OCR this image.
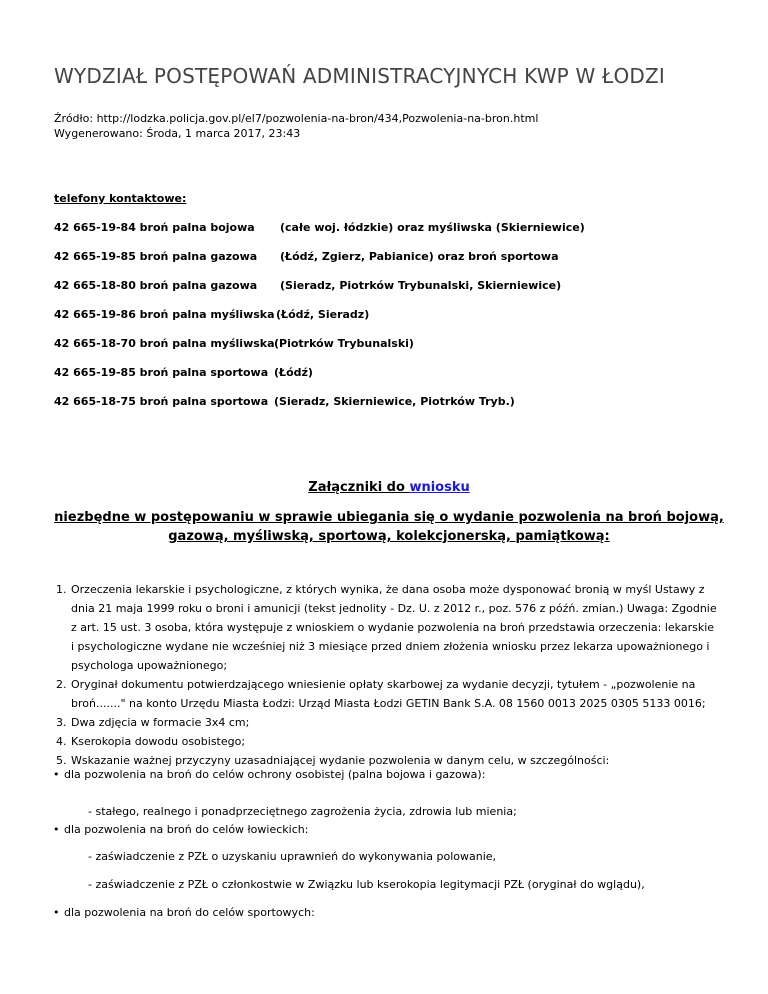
WYDZIAŁ POSTĘPOWAŃ ADMINISTRACYJNYCH KWP W ŁODZI
Źródło: http://lodzka.policja.gov.pl/el7/pozwolenia-na-bron/434,Pozwolenia-na-bron.html
Wygenerowano: Środa, 1 marca 2017, 23:43
telefony kontaktowe:
42 665-19-84 broń palna bojowa (całe woj. łódzkie) oraz myśliwska (Skierniewice)
42 665-19-85 broń palna gazowa (Łódź, Zgierz, Pabianice) oraz broń sportowa
42 665-18-80 broń palna gazowa (Sieradz, Piotrków Trybunalski, Skierniewice)
42 665-19-86 broń palna myśliwska (Łódź, Sieradz)
42 665-18-70 broń palna myśliwska (Piotrków Trybunalski)
42 665-19-85 broń palna sportowa (Łódź)
42 665-18-75 broń palna sportowa (Sieradz, Skierniewice, Piotrków Tryb.)
Załączniki do wniosku
niezbędne w postępowaniu w sprawie ubiegania się o wydanie pozwolenia na broń bojową,
gazową, myśliwską, sportową, kolekcjonerską, pamiątkową:
1. Orzeczenia lekarskie i psychologiczne, z których wynika, że dana osoba może dysponować bronią w myśl Ustawy z dnia 21 maja 1999 roku o broni i amunicji (tekst jednolity - Dz. U. z 2012 r., poz. 576 z późń. zmian.) Uwaga: Zgodnie z art. 15 ust. 3 osoba, która występuje z wnioskiem o wydanie pozwolenia na broń przedstawia orzeczenia: lekarskie i psychologiczne wydane nie wcześniej niż 3 miesiące przed dniem złożenia wniosku przez lekarza upoważnionego i psychologa upoważnionego;
2. Oryginał dokumentu potwierdzającego wniesienie opłaty skarbowej za wydanie decyzji, tytułem - „pozwolenie na broń......." na konto Urzędu Miasta Łodzi: Urząd Miasta Łodzi GETIN Bank S.A. 08 1560 0013 2025 0305 5133 0016;
3. Dwa zdjęcia w formacie 3x4 cm;
4. Kserokopia dowodu osobistego;
5. Wskazanie ważnej przyczyny uzasadniającej wydanie pozwolenia w danym celu, w szczególności:
• dla pozwolenia na broń do celów ochrony osobistej (palna bojowa i gazowa):
- stałego, realnego i ponadprzeciętnego zagrożenia życia, zdrowia lub mienia;
• dla pozwolenia na broń do celów łowieckich:
- zaświadczenie z PZŁ o uzyskaniu uprawnień do wykonywania polowanie,
- zaświadczenie z PZŁ o członkostwie w Związku lub kserokopia legitymacji PZŁ (oryginał do wglądu),
• dla pozwolenia na broń do celów sportowych:
